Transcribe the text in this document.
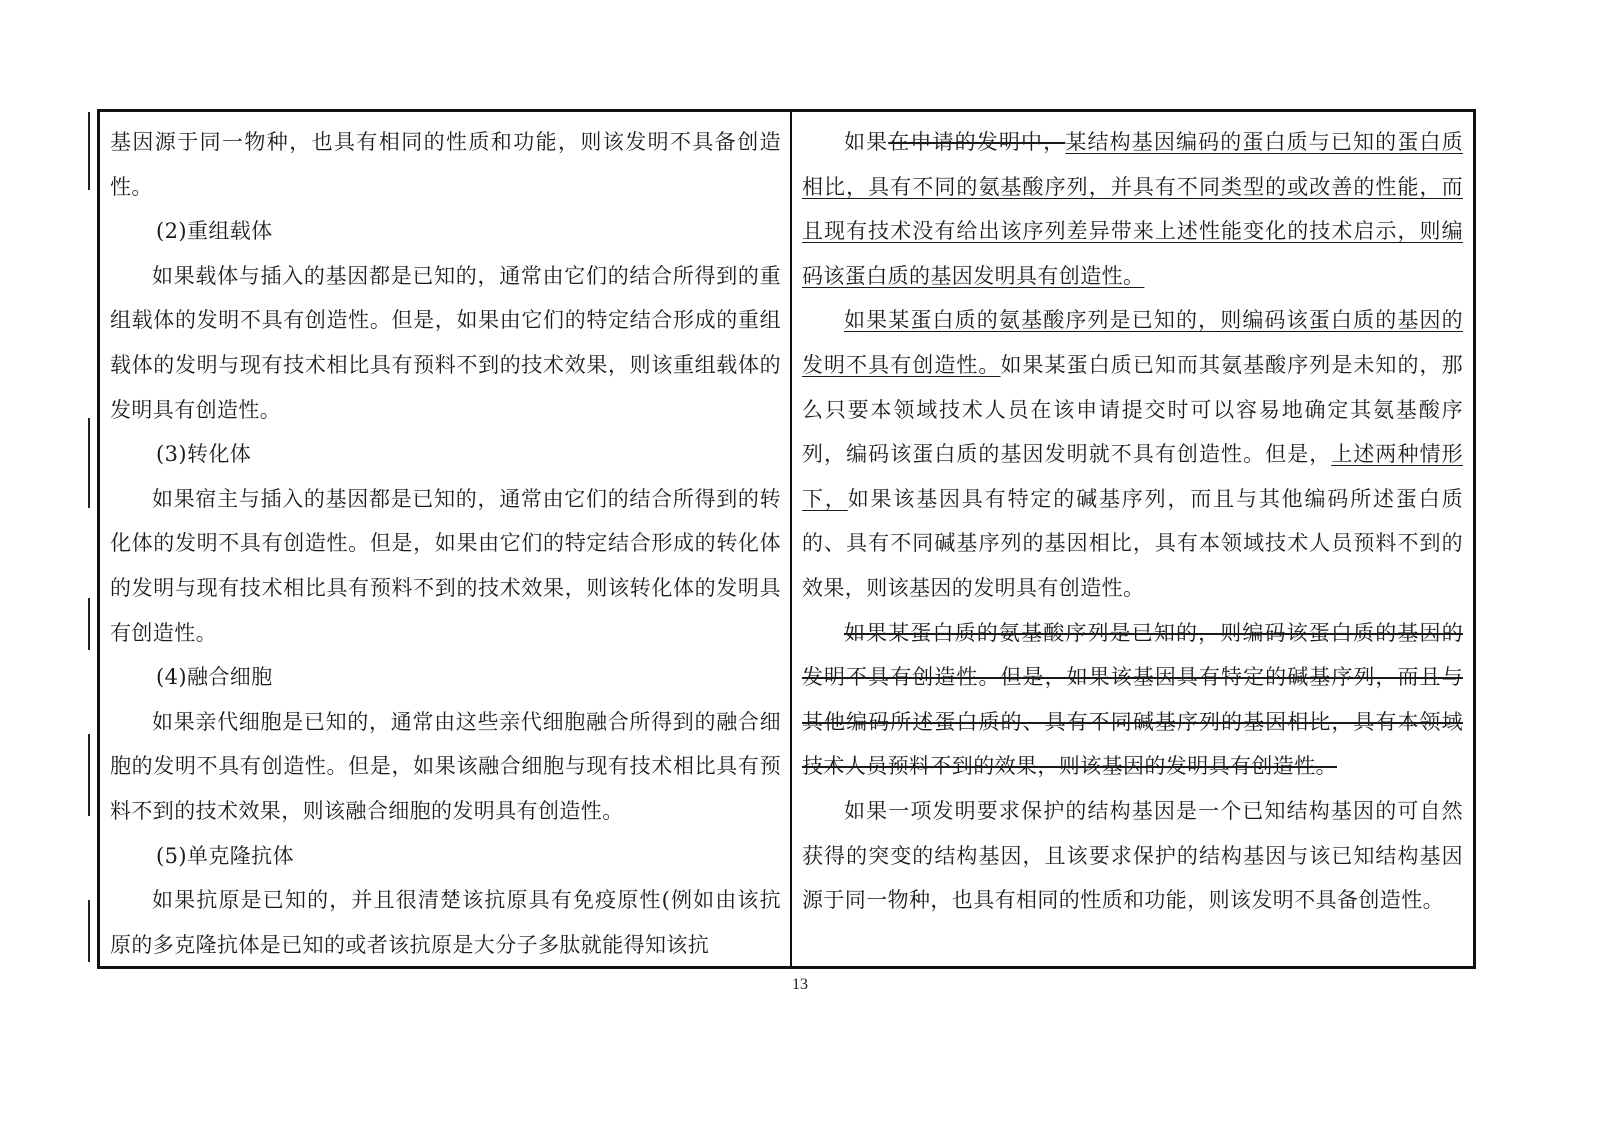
基因源于同一物种，也具有相同的性质和功能，则该发明不具备创造性。

(2)重组载体

如果载体与插入的基因都是已知的，通常由它们的结合所得到的重组载体的发明不具有创造性。但是，如果由它们的特定结合形成的重组载体的发明与现有技术相比具有预料不到的技术效果，则该重组载体的发明具有创造性。

(3)转化体

如果宿主与插入的基因都是已知的，通常由它们的结合所得到的转化体的发明不具有创造性。但是，如果由它们的特定结合形成的转化体的发明与现有技术相比具有预料不到的技术效果，则该转化体的发明具有创造性。

(4)融合细胞

如果亲代细胞是已知的，通常由这些亲代细胞融合所得到的融合细胞的发明不具有创造性。但是，如果该融合细胞与现有技术相比具有预料不到的技术效果，则该融合细胞的发明具有创造性。

(5)单克隆抗体

如果抗原是已知的，并且很清楚该抗原具有免疫原性(例如由该抗原的多克隆抗体是已知的或者该抗原是大分子多肽就能得知该抗

如果在申请的发明中，某结构基因编码的蛋白质与已知的蛋白质相比，具有不同的氨基酸序列，并具有不同类型的或改善的性能，而且现有技术没有给出该序列差异带来上述性能变化的技术启示，则编码该蛋白质的基因发明具有创造性。

如果某蛋白质的氨基酸序列是已知的，则编码该蛋白质的基因的发明不具有创造性。如果某蛋白质已知而其氨基酸序列是未知的，那么只要本领域技术人员在该申请提交时可以容易地确定其氨基酸序列，编码该蛋白质的基因发明就不具有创造性。但是，上述两种情形下，如果该基因具有特定的碱基序列，而且与其他编码所述蛋白质的、具有不同碱基序列的基因相比，具有本领域技术人员预料不到的效果，则该基因的发明具有创造性。

如果某蛋白质的氨基酸序列是已知的，则编码该蛋白质的基因的发明不具有创造性。但是，如果该基因具有特定的碱基序列，而且与其他编码所述蛋白质的、具有不同碱基序列的基因相比，具有本领域技术人员预料不到的效果，则该基因的发明具有创造性。

如果一项发明要求保护的结构基因是一个已知结构基因的可自然获得的突变的结构基因，且该要求保护的结构基因与该已知结构基因源于同一物种，也具有相同的性质和功能，则该发明不具备创造性。

13
